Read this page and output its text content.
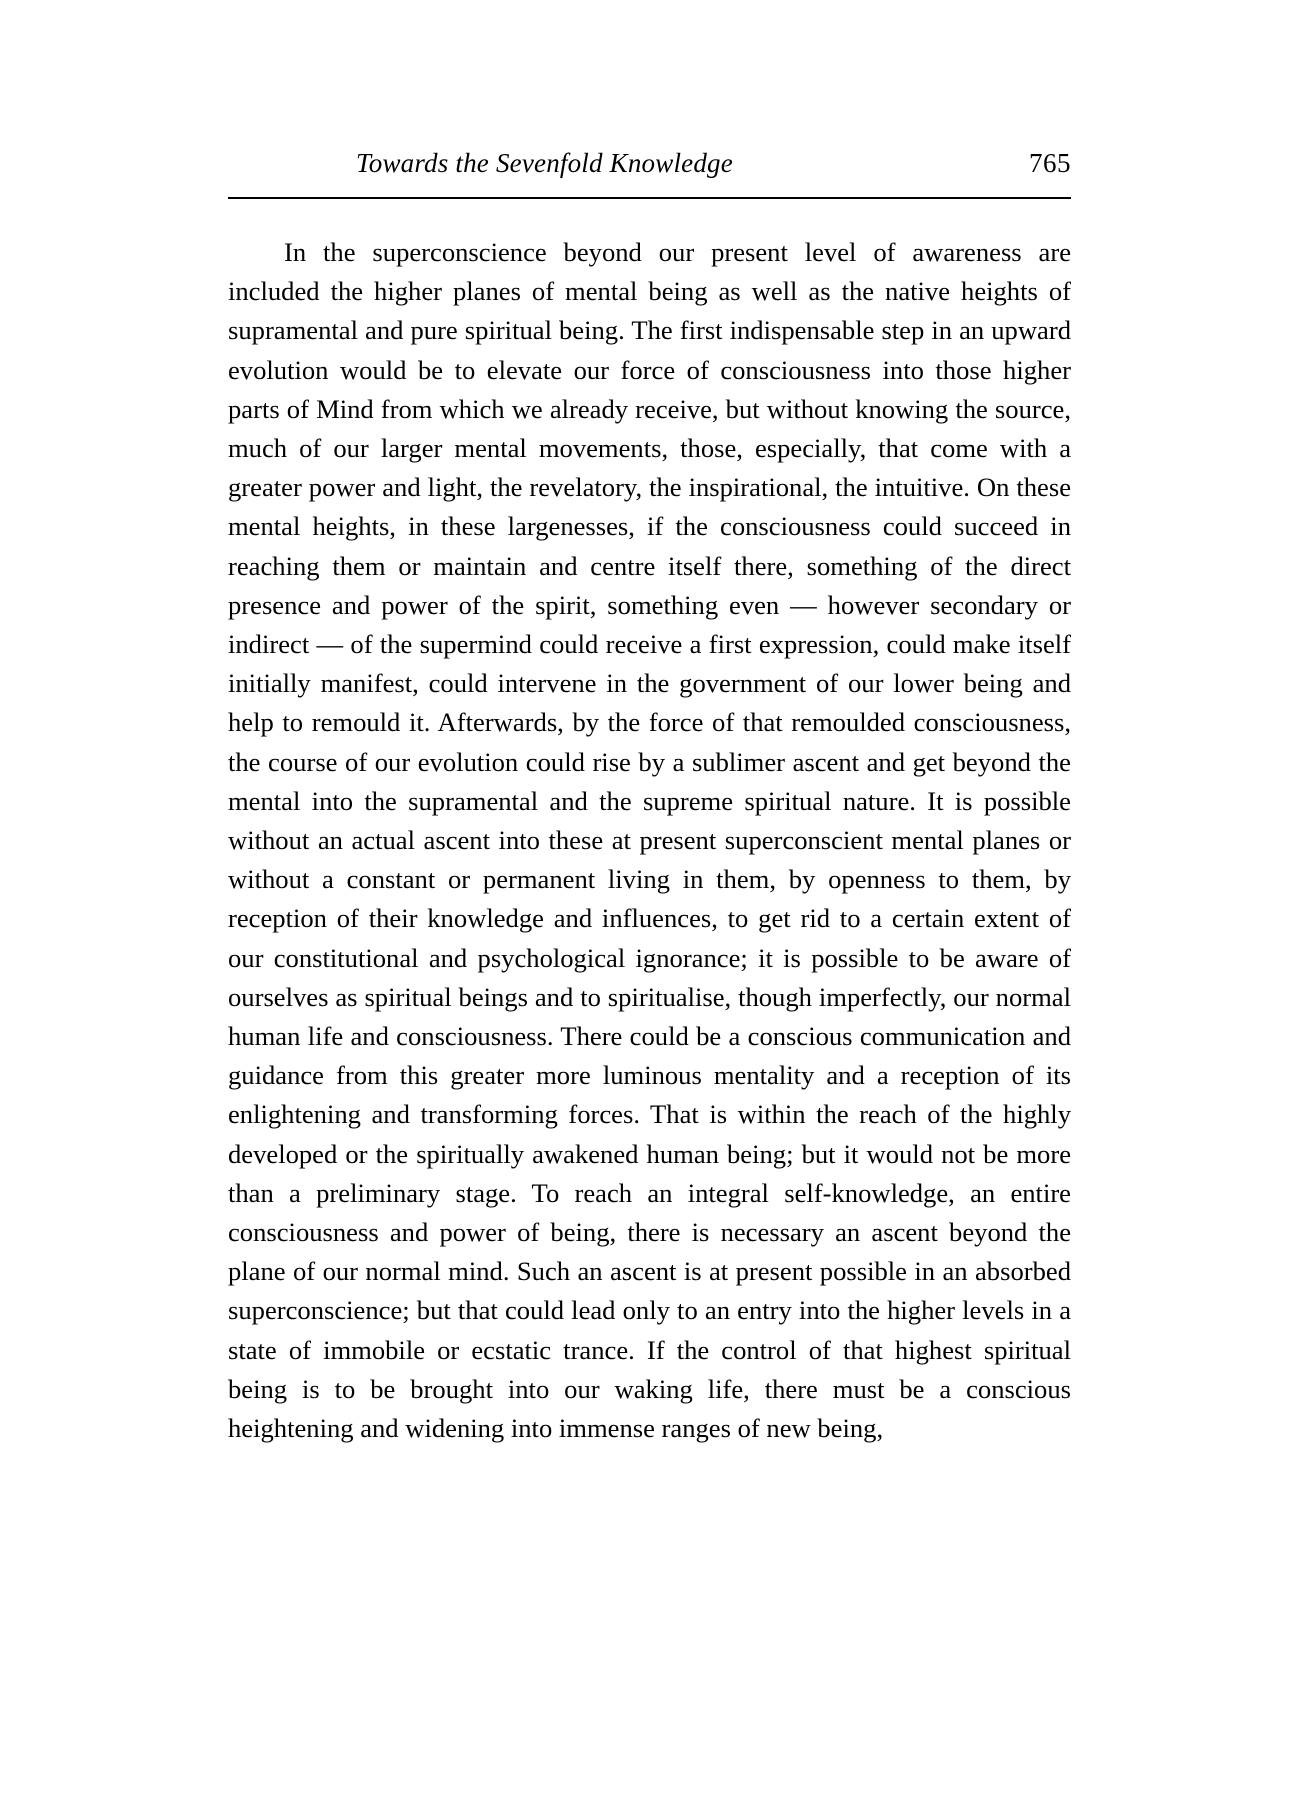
Towards the Sevenfold Knowledge	765

In the superconscience beyond our present level of awareness are included the higher planes of mental being as well as the native heights of supramental and pure spiritual being. The first indispensable step in an upward evolution would be to elevate our force of consciousness into those higher parts of Mind from which we already receive, but without knowing the source, much of our larger mental movements, those, especially, that come with a greater power and light, the revelatory, the inspirational, the intuitive. On these mental heights, in these largenesses, if the consciousness could succeed in reaching them or maintain and centre itself there, something of the direct presence and power of the spirit, something even — however secondary or indirect — of the supermind could receive a first expression, could make itself initially manifest, could intervene in the government of our lower being and help to remould it. Afterwards, by the force of that remoulded consciousness, the course of our evolution could rise by a sublimer ascent and get beyond the mental into the supramental and the supreme spiritual nature. It is possible without an actual ascent into these at present superconscient mental planes or without a constant or permanent living in them, by openness to them, by reception of their knowledge and influences, to get rid to a certain extent of our constitutional and psychological ignorance; it is possible to be aware of ourselves as spiritual beings and to spiritualise, though imperfectly, our normal human life and consciousness. There could be a conscious communication and guidance from this greater more luminous mentality and a reception of its enlightening and transforming forces. That is within the reach of the highly developed or the spiritually awakened human being; but it would not be more than a preliminary stage. To reach an integral self-knowledge, an entire consciousness and power of being, there is necessary an ascent beyond the plane of our normal mind. Such an ascent is at present possible in an absorbed superconscience; but that could lead only to an entry into the higher levels in a state of immobile or ecstatic trance. If the control of that highest spiritual being is to be brought into our waking life, there must be a conscious heightening and widening into immense ranges of new being,
